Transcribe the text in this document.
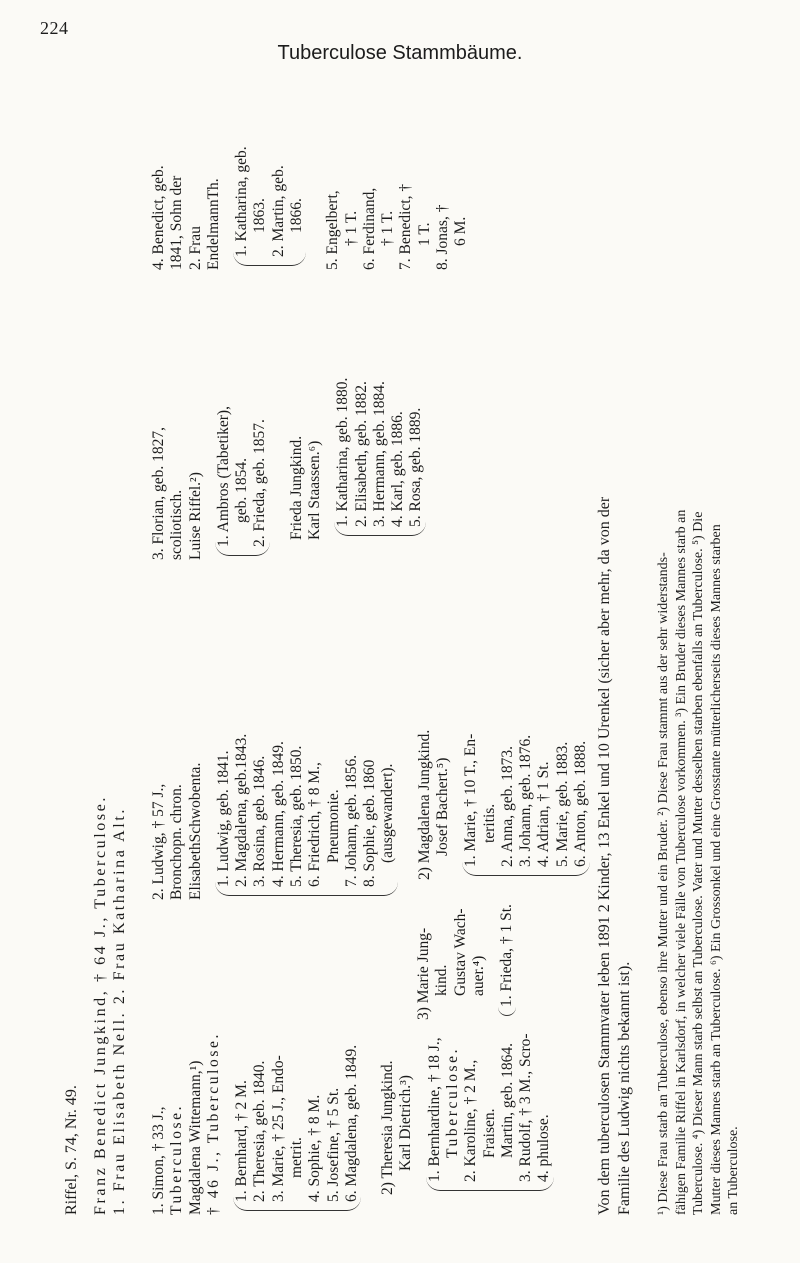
224
Tuberculose Stammbäume.
Riffel, S. 74, Nr. 49. Franz Benedict Jungkind, † 64 J., Tuberculose. 1. Frau Elisabeth Nell. 2. Frau Katharina Alt. 1. Simon, † 33 J., Tuberculose. Magdalena Wittemann,¹) † 46 J., Tuberculose. 1. Bernhard, † 2 M. 2. Theresia, geb. 1840. 3. Marie, † 25 J., Endo- metrit. 4. Sophie, † 8 M. 5. Josefine, † 5 St. 6. Magdalena, geb. 1849. 2) Theresia Jungkind. Karl Dietrich.³) 1. Bernhardine, † 18 J., Tuberculose. 2. Karoline, † 2 M., Fraisen. Martin, geb. 1864. 3. Rudolf, † 3 M., Scro- 4. phulose.

3) Marie Jung- kind. Gustav Wach- auer.⁴) 1. Frieda, † 1 St.

2. Ludwig, † 57 J., Bronchopn. chron. ElisabethSchwobenta. 1. Ludwig, geb. 1841. 2. Magdalena, geb.1843. 3. Rosina, geb. 1846. 4. Hermann, geb. 1849. 5. Theresia, geb. 1850. 6. Friedrich, † 8 M., Pneumonie. 7. Johann, geb. 1856. 8. Sophie, geb. 1860 (ausgewandert). 2) Magdalena Jungkind. Josef Bachert.⁵) 1. Marie, † 10 T., En- teritis. 2. Anna, geb. 1873. 3. Johann, geb. 1876. 4. Adrian, † 1 St. 5. Marie, geb. 1883. 6. Anton, geb. 1888.

3. Florian, geb. 1827, scoliotisch. Luise Riffel.²) 1. Ambros (Tabetiker), geb. 1854. 2. Frieda, geb. 1857. Frieda Jungkind. Karl Staassen.⁶) 1. Katharina, geb. 1880. 2. Elisabeth, geb. 1882. 3. Hermann, geb. 1884. 4. Karl, geb. 1886. 5. Rosa, geb. 1889.

4. Benedict, geb. 1841, Sohn der 2. Frau EndelmannTh. 1. Katharina, geb. 1863. 2. Martin, geb. 1866. 5. Engelbert, † 1 T. 6. Ferdinand, † 1 T. 7. Benedict, † 1 T. 8. Jonas, † 6 M.

Von dem tuberculosen Stammvater leben 1891 2 Kinder, 13 Enkel und 10 Urenkel (sicher aber mehr, da von der Familie des Ludwig nichts bekannt ist). ¹) Diese Frau starb an Tuberculose, ebenso ihre Mutter und ein Bruder. ²) Diese Frau stammt aus der sehr widerstands- fähigen Familie Riffel in Karlsdorf, in welcher viele Fälle von Tuberculose vorkommen. ³) Ein Bruder dieses Mannes starb an Tuberculose. ⁴) Dieser Mann starb selbst an Tuberculose. Vater und Mutter desselben starben ebenfalls an Tuberculose. ⁵) Die Mutter dieses Mannes starb an Tuberculose. ⁶) Ein Grossonkel und eine Grosstante mütterlicherseits dieses Mannes starben an Tuberculose.
